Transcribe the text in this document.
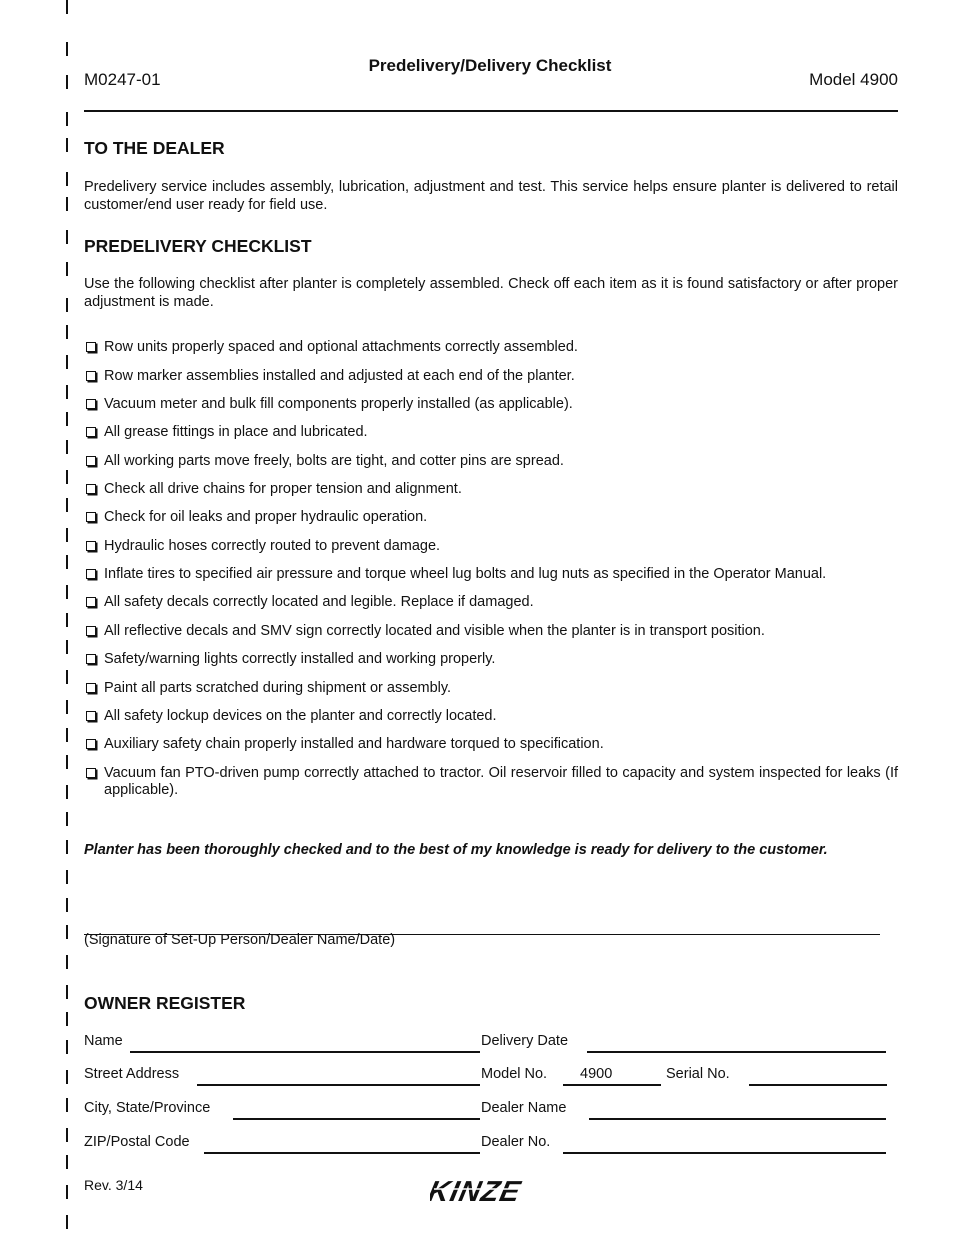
M0247-01
Predelivery/Delivery Checklist
Model 4900
TO THE DEALER
Predelivery service includes assembly, lubrication, adjustment and test. This service helps ensure planter is delivered to retail customer/end user ready for field use.
PREDELIVERY CHECKLIST
Use the following checklist after planter is completely assembled. Check off each item as it is found satisfactory or after proper adjustment is made.
Row units properly spaced and optional attachments correctly assembled.
Row marker assemblies installed and adjusted at each end of the planter.
Vacuum meter and bulk fill components properly installed (as applicable).
All grease fittings in place and lubricated.
All working parts move freely, bolts are tight, and cotter pins are spread.
Check all drive chains for proper tension and alignment.
Check for oil leaks and proper hydraulic operation.
Hydraulic hoses correctly routed to prevent damage.
Inflate tires to specified air pressure and torque wheel lug bolts and lug nuts as specified in the Operator Manual.
All safety decals correctly located and legible. Replace if damaged.
All reflective decals and SMV sign correctly located and visible when the planter is in transport position.
Safety/warning lights correctly installed and working properly.
Paint all parts scratched during shipment or assembly.
All safety lockup devices on the planter and correctly located.
Auxiliary safety chain properly installed and hardware torqued to specification.
Vacuum fan PTO-driven pump correctly attached to tractor. Oil reservoir filled to capacity and system inspected for leaks (If applicable).
Planter has been thoroughly checked and to the best of my knowledge is ready for delivery to the customer.
(Signature of Set-Up Person/Dealer Name/Date)
OWNER REGISTER
Name	Delivery Date
Street Address	Model No. 4900	Serial No.
City, State/Province	Dealer Name
ZIP/Postal Code	Dealer No.
Rev. 3/14	KINZE
